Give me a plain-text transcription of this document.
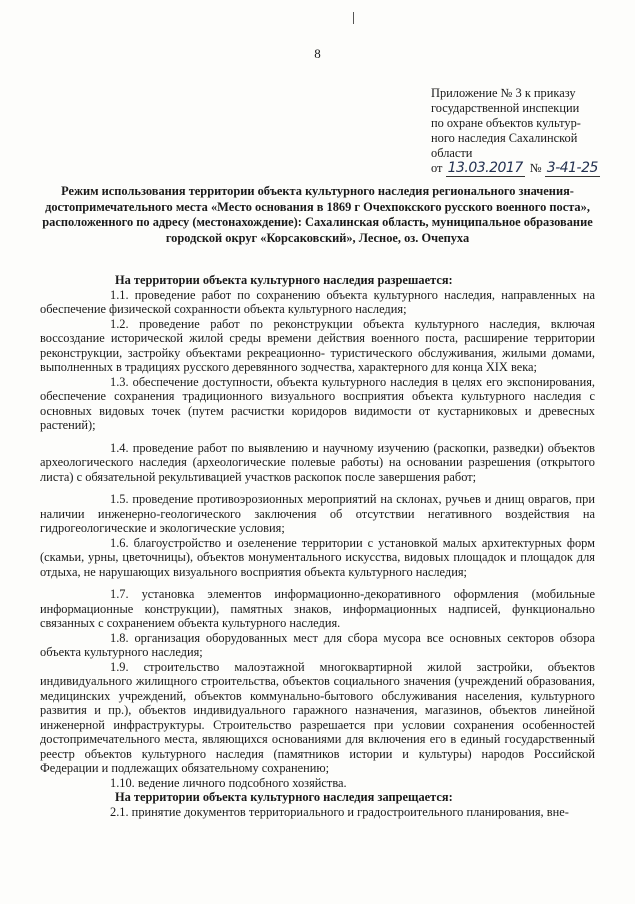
8
Приложение № 3 к приказу
государственной инспекции
по охране объектов культур-
ного наследия Сахалинской
области
от 13.03.2017 № 3-41-25
Режим использования территории объекта культурного наследия регионального значения- достопримечательного места «Место основания в 1869 г Очехпокского русского военного поста», расположенного по адресу (местонахождение): Сахалинская область, муниципальное образование городской округ «Корсаковский», Лесное, оз. Очепуха

На территории объекта культурного наследия разрешается:

1.1. проведение работ по сохранению объекта культурного наследия, направленных на обеспечение физической сохранности объекта культурного наследия;

1.2. проведение работ по реконструкции объекта культурного наследия, включая воссоздание исторической жилой среды времени действия военного поста, расширение территории реконструкции, застройку объектами рекреационно- туристического обслуживания, жилыми домами, выполненных в традициях русского деревянного зодчества, характерного для конца XIX века;

1.3. обеспечение доступности, объекта культурного наследия в целях его экспонирования, обеспечение сохранения традиционного визуального восприятия объекта культурного наследия с основных видовых точек (путем расчистки коридоров видимости от кустарниковых и древесных растений);

1.4. проведение работ по выявлению и научному изучению (раскопки, разведки) объектов археологического наследия (археологические полевые работы) на основании разрешения (открытого листа) с обязательной рекультивацией участков раскопок после завершения работ;

1.5. проведение противоэрозионных мероприятий на склонах, ручьев и днищ оврагов, при наличии инженерно-геологического заключения об отсутствии негативного воздействия на гидрогеологические и экологические условия;

1.6. благоустройство и озеленение территории с установкой малых архитектурных форм (скамьи, урны, цветочницы), объектов монументального искусства, видовых площадок и площадок для отдыха, не нарушающих визуального восприятия объекта культурного наследия;

1.7. установка элементов информационно-декоративного оформления (мобильные информационные конструкции), памятных знаков, информационных надписей, функционально связанных с сохранением объекта культурного наследия.

1.8. организация оборудованных мест для сбора мусора все основных секторов обзора объекта культурного наследия;

1.9. строительство малоэтажной многоквартирной жилой застройки, объектов индивидуального жилищного строительства, объектов социального значения (учреждений образования, медицинских учреждений, объектов коммунально-бытового обслуживания населения, культурного развития и пр.), объектов индивидуального гаражного назначения, магазинов, объектов линейной инженерной инфраструктуры. Строительство разрешается при условии сохранения особенностей достопримечательного места, являющихся основаниями для включения его в единый государственный реестр объектов культурного наследия (памятников истории и культуры) народов Российской Федерации и подлежащих обязательному сохранению;

1.10. ведение личного подсобного хозяйства.

На территории объекта культурного наследия запрещается:

2.1. принятие документов территориального и градостроительного планирования, вне-
